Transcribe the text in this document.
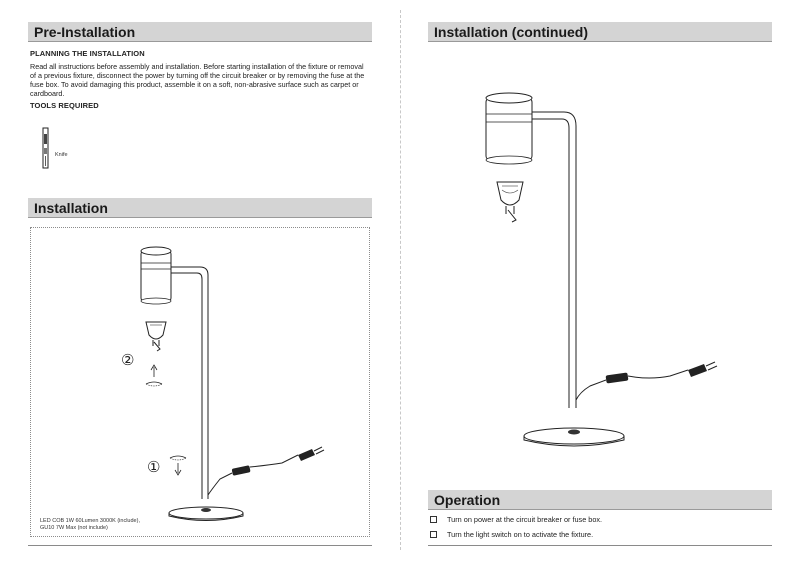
Pre-Installation
PLANNING THE INSTALLATION
Read all instructions before assembly and installation. Before starting installation of the fixture or removal of a previous fixture, disconnect the power by turning off the circuit breaker or by removing the fuse at the fuse box. To avoid damaging this product, assemble it on a soft, non-abrasive surface such as carpet or cardboard.
TOOLS REQUIRED
Knife
Installation
②
①
LED COB 1W 60Lumen 3000K (include),
GU10 7W Max (not include)
Installation (continued)
Operation
Turn on power at the circuit breaker or fuse box.
Turn the light switch on to activate the fixture.
